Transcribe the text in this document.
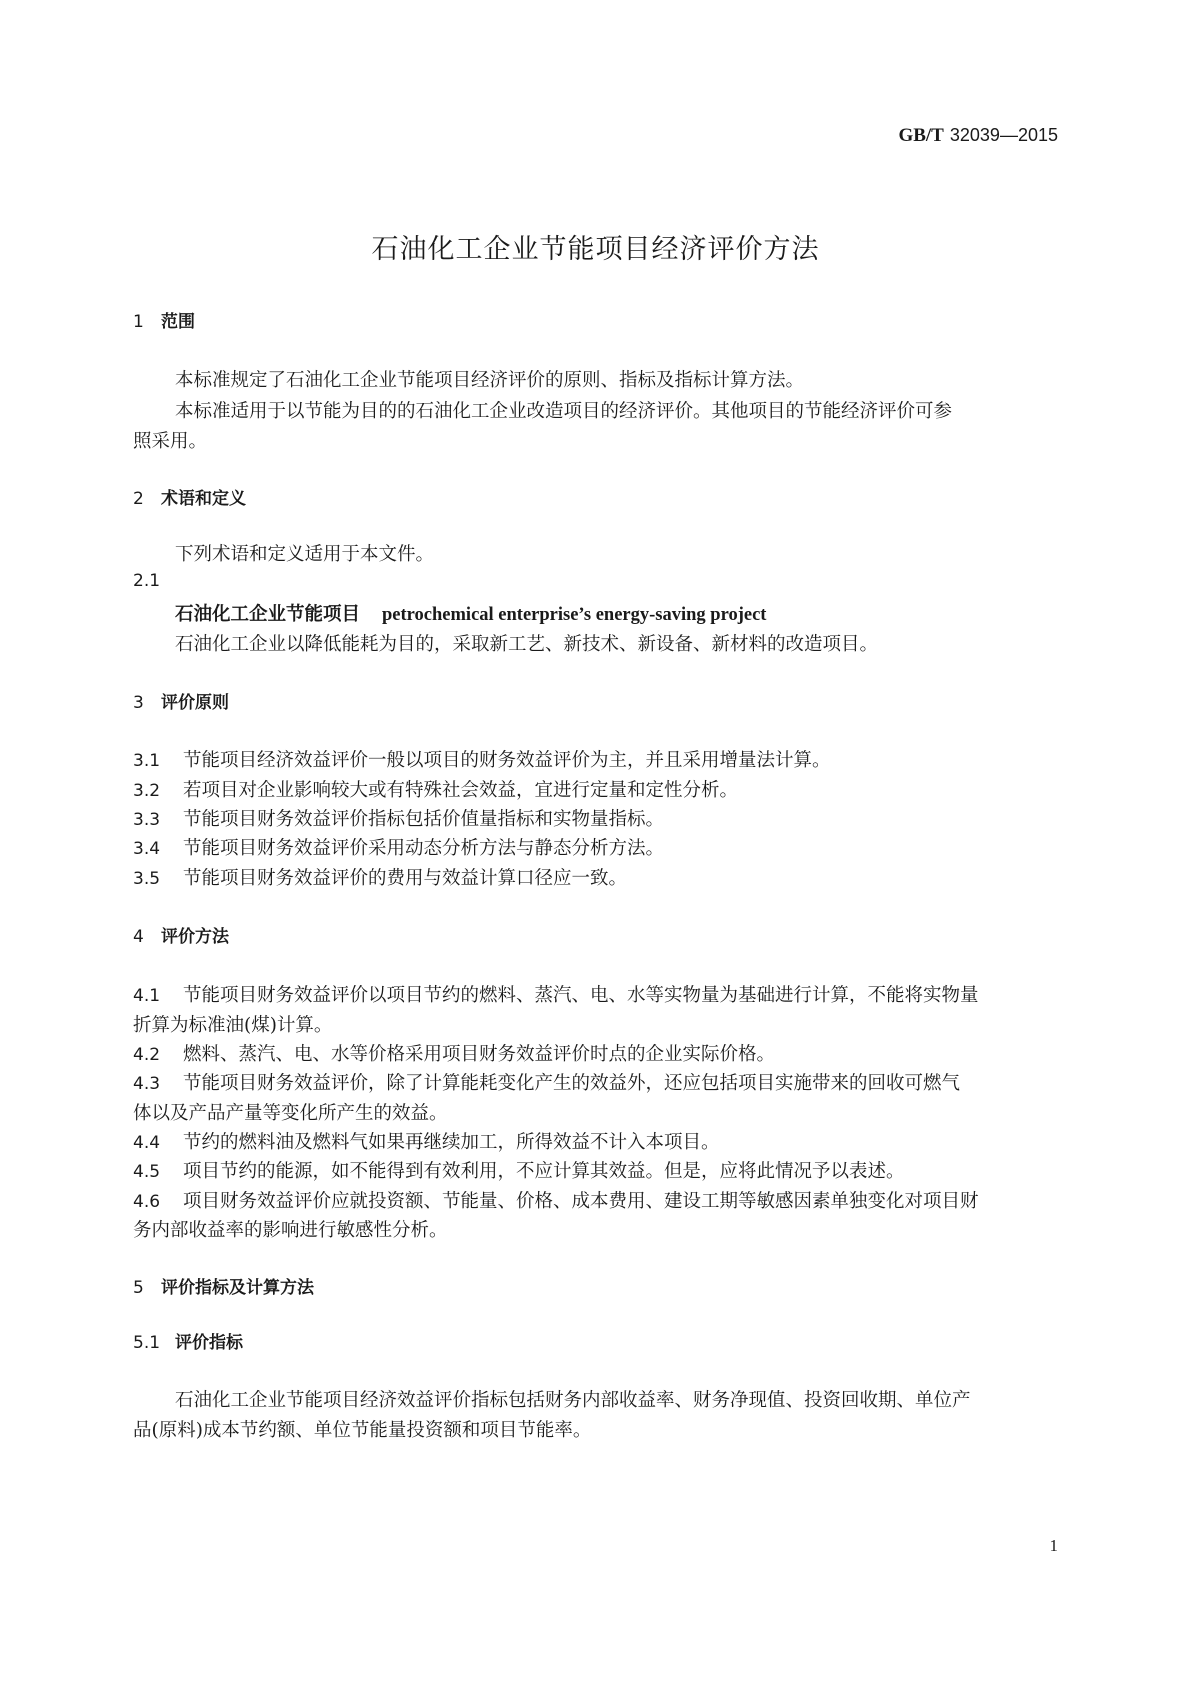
GB/T 32039—2015
石油化工企业节能项目经济评价方法
1 范围
本标准规定了石油化工企业节能项目经济评价的原则、指标及指标计算方法。
本标准适用于以节能为目的的石油化工企业改造项目的经济评价。其他项目的节能经济评价可参
照采用。
2 术语和定义
下列术语和定义适用于本文件。
2.1
石油化工企业节能项目 petrochemical enterprise’s energy-saving project
石油化工企业以降低能耗为目的，采取新工艺、新技术、新设备、新材料的改造项目。
3 评价原则
3.1 节能项目经济效益评价一般以项目的财务效益评价为主，并且采用增量法计算。
3.2 若项目对企业影响较大或有特殊社会效益，宜进行定量和定性分析。
3.3 节能项目财务效益评价指标包括价值量指标和实物量指标。
3.4 节能项目财务效益评价采用动态分析方法与静态分析方法。
3.5 节能项目财务效益评价的费用与效益计算口径应一致。
4 评价方法
4.1 节能项目财务效益评价以项目节约的燃料、蒸汽、电、水等实物量为基础进行计算，不能将实物量
折算为标准油(煤)计算。
4.2 燃料、蒸汽、电、水等价格采用项目财务效益评价时点的企业实际价格。
4.3 节能项目财务效益评价，除了计算能耗变化产生的效益外，还应包括项目实施带来的回收可燃气
体以及产品产量等变化所产生的效益。
4.4 节约的燃料油及燃料气如果再继续加工，所得效益不计入本项目。
4.5 项目节约的能源，如不能得到有效利用，不应计算其效益。但是，应将此情况予以表述。
4.6 项目财务效益评价应就投资额、节能量、价格、成本费用、建设工期等敏感因素单独变化对项目财
务内部收益率的影响进行敏感性分析。
5 评价指标及计算方法
5.1 评价指标
石油化工企业节能项目经济效益评价指标包括财务内部收益率、财务净现值、投资回收期、单位产
品(原料)成本节约额、单位节能量投资额和项目节能率。
1
